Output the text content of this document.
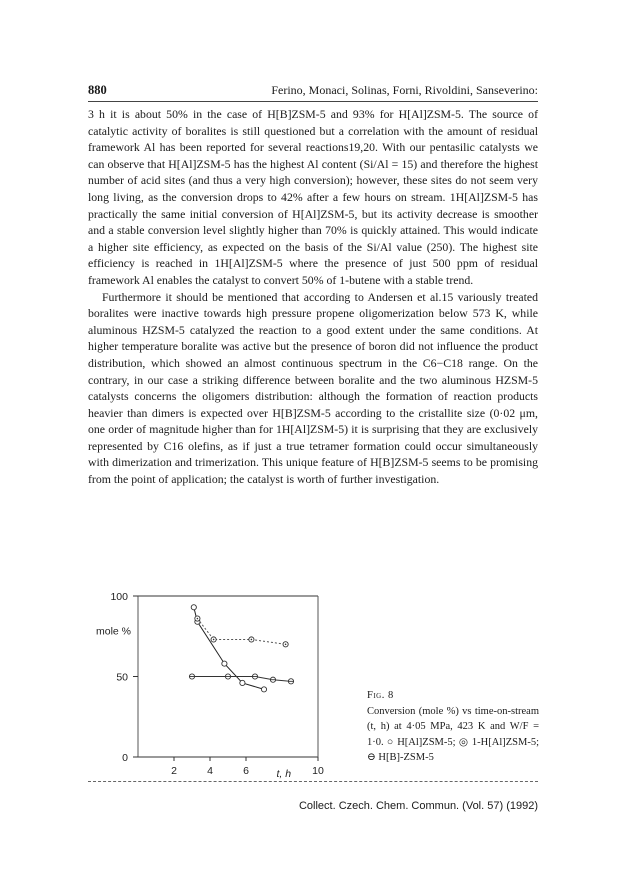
880	Ferino, Monaci, Solinas, Forni, Rivoldini, Sanseverino:

3 h it is about 50% in the case of H[B]ZSM-5 and 93% for H[Al]ZSM-5. The source of catalytic activity of boralites is still questioned but a correlation with the amount of residual framework Al has been reported for several reactions19,20. With our pentasilic catalysts we can observe that H[Al]ZSM-5 has the highest Al content (Si/Al = 15) and therefore the highest number of acid sites (and thus a very high conversion); however, these sites do not seem very long living, as the conversion drops to 42% after a few hours on stream. 1H[Al]ZSM-5 has practically the same initial conversion of H[Al]ZSM-5, but its activity decrease is smoother and a stable conversion level slightly higher than 70% is quickly attained. This would indicate a higher site efficiency, as expected on the basis of the Si/Al value (250). The highest site efficiency is reached in 1H[Al]ZSM-5 where the presence of just 500 ppm of residual framework Al enables the catalyst to convert 50% of 1-butene with a stable trend.

Furthermore it should be mentioned that according to Andersen et al.15 variously treated boralites were inactive towards high pressure propene oligomerization below 573 K, while aluminous HZSM-5 catalyzed the reaction to a good extent under the same conditions. At higher temperature boralite was active but the presence of boron did not influence the product distribution, which showed an almost continuous spectrum in the C6−C18 range. On the contrary, in our case a striking difference between boralite and the two aluminous HZSM-5 catalysts concerns the oligomers distribution: although the formation of reaction products heavier than dimers is expected over H[B]ZSM-5 according to the cristallite size (0·02 μm, one order of magnitude higher than for 1H[Al]ZSM-5) it is surprising that they are exclusively represented by C16 olefins, as if just a true tetramer formation could occur simultaneously with dimerization and trimerization. This unique feature of H[B]ZSM-5 seems to be promising from the point of application; the catalyst is worth of further investigation.

0
50
100
2	4	6	10
mole %
t, h
Fig. 8
Conversion (mole %) vs time-on-stream (t, h) at 4·05 MPa, 423 K and W/F = 1·0. ○ H[Al]ZSM-5; ◎ 1-H[Al]ZSM-5; ⊖ H[B]-ZSM-5
Collect. Czech. Chem. Commun. (Vol. 57) (1992)
